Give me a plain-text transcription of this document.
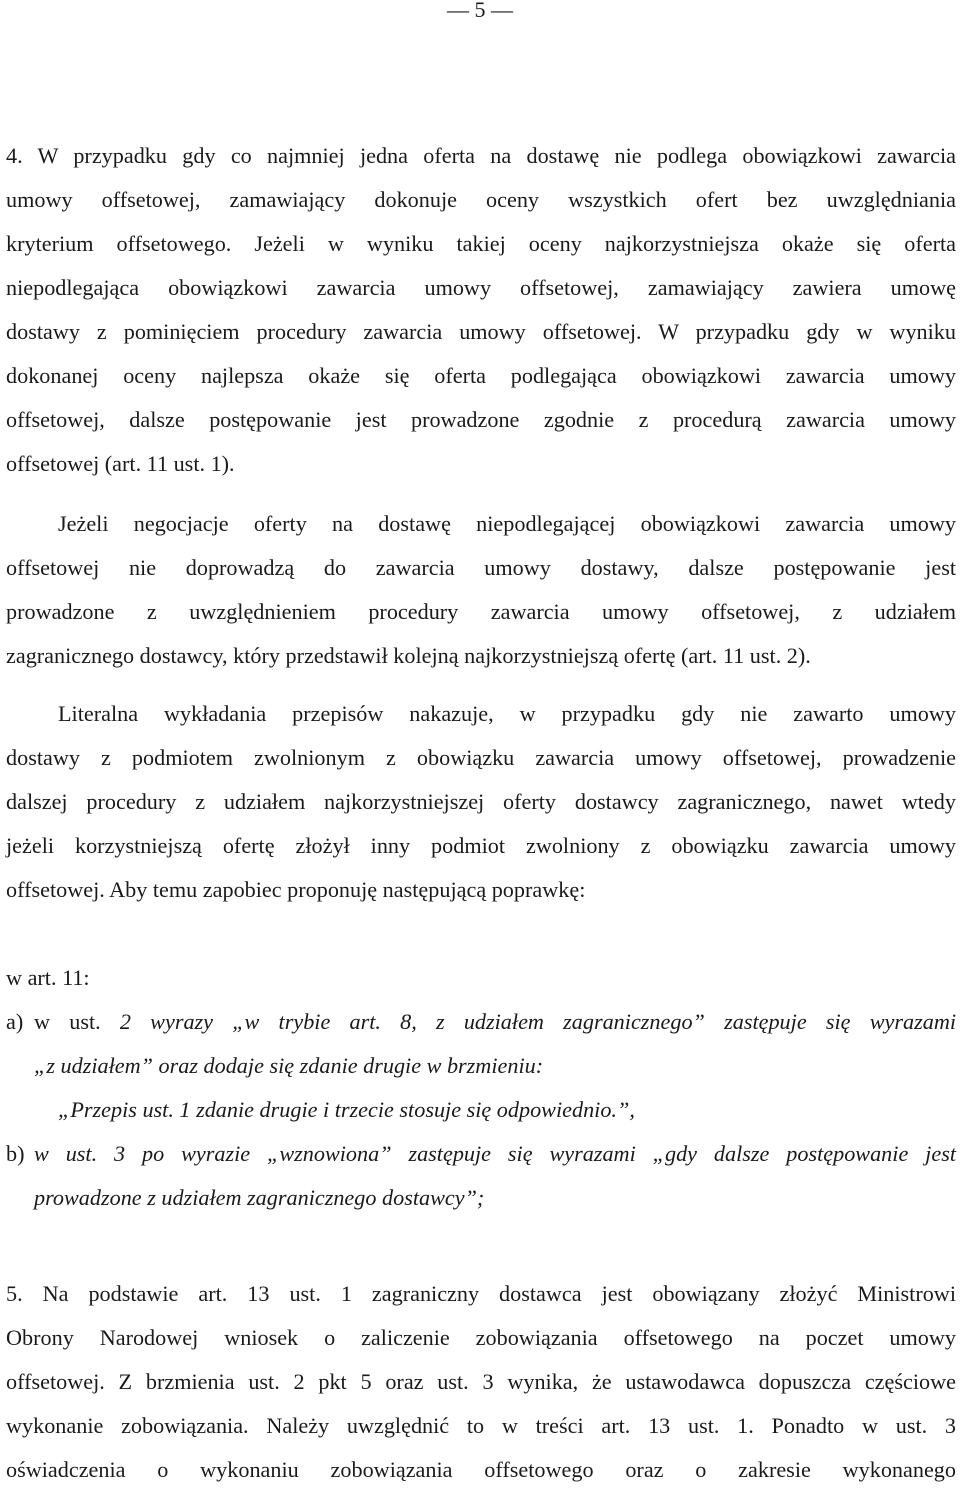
— 5 —

4. W przypadku gdy co najmniej jedna oferta na dostawę nie podlega obowiązkowi zawarcia

umowy offsetowej, zamawiający dokonuje oceny wszystkich ofert bez uwzględniania

kryterium offsetowego. Jeżeli w wyniku takiej oceny najkorzystniejsza okaże się oferta

niepodlegająca obowiązkowi zawarcia umowy offsetowej, zamawiający zawiera umowę

dostawy z pominięciem procedury zawarcia umowy offsetowej. W przypadku gdy w wyniku

dokonanej oceny najlepsza okaże się oferta podlegająca obowiązkowi zawarcia umowy

offsetowej, dalsze postępowanie jest prowadzone zgodnie z procedurą zawarcia umowy

offsetowej (art. 11 ust. 1).

Jeżeli negocjacje oferty na dostawę niepodlegającej obowiązkowi zawarcia umowy

offsetowej nie doprowadzą do zawarcia umowy dostawy, dalsze postępowanie jest

prowadzone z uwzględnieniem procedury zawarcia umowy offsetowej, z udziałem

zagranicznego dostawcy, który przedstawił kolejną najkorzystniejszą ofertę (art. 11 ust. 2).

Literalna wykładania przepisów nakazuje, w przypadku gdy nie zawarto umowy

dostawy z podmiotem zwolnionym z obowiązku zawarcia umowy offsetowej, prowadzenie

dalszej procedury z udziałem najkorzystniejszej oferty dostawcy zagranicznego, nawet wtedy

jeżeli korzystniejszą ofertę złożył inny podmiot zwolniony z obowiązku zawarcia umowy

offsetowej. Aby temu zapobiec proponuję następującą poprawkę:

w art. 11:

a) w ust. 2 wyrazy „w trybie art. 8, z udziałem zagranicznego” zastępuje się wyrazami

„z udziałem” oraz dodaje się zdanie drugie w brzmieniu:

„Przepis ust. 1 zdanie drugie i trzecie stosuje się odpowiednio.”,

b) w ust. 3 po wyrazie „wznowiona” zastępuje się wyrazami „gdy dalsze postępowanie jest

prowadzone z udziałem zagranicznego dostawcy”;

5. Na podstawie art. 13 ust. 1 zagraniczny dostawca jest obowiązany złożyć Ministrowi

Obrony Narodowej wniosek o zaliczenie zobowiązania offsetowego na poczet umowy

offsetowej. Z brzmienia ust. 2 pkt 5 oraz ust. 3 wynika, że ustawodawca dopuszcza częściowe

wykonanie zobowiązania. Należy uwzględnić to w treści art. 13 ust. 1. Ponadto w ust. 3

oświadczenia o wykonaniu zobowiązania offsetowego oraz o zakresie wykonanego
